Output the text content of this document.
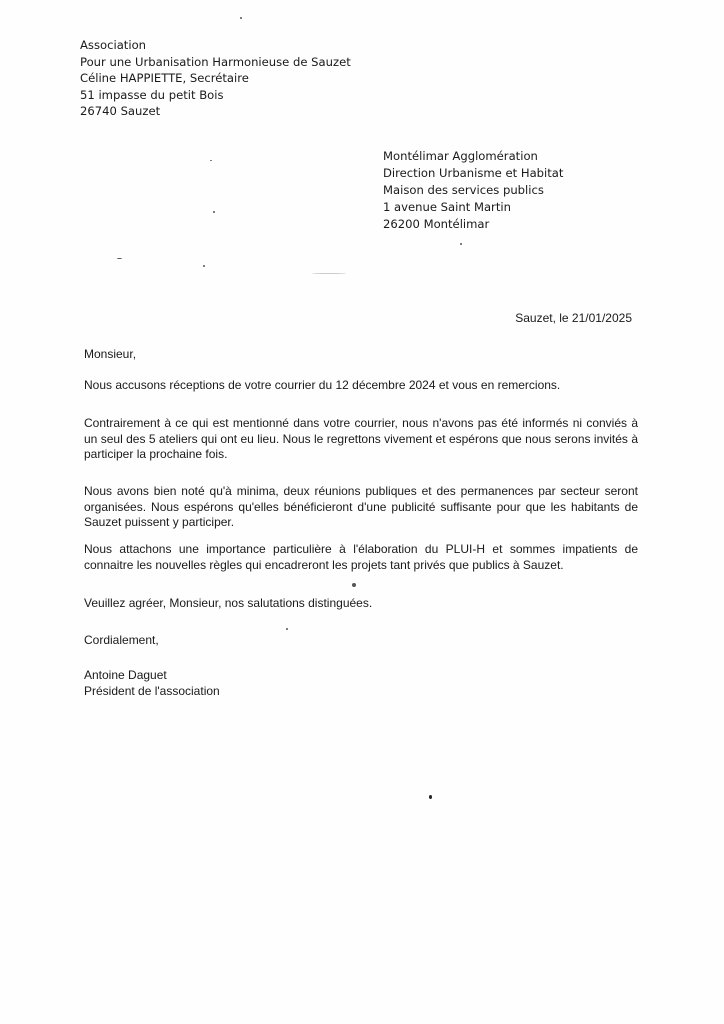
Association
Pour une Urbanisation Harmonieuse de Sauzet
Céline HAPPIETTE, Secrétaire
51 impasse du petit Bois
26740 Sauzet
Montélimar Agglomération
Direction Urbanisme et Habitat
Maison des services publics
1 avenue Saint Martin
26200 Montélimar
Sauzet, le 21/01/2025
Monsieur,

Nous accusons réceptions de votre courrier du 12 décembre 2024 et vous en remercions.

Contrairement à ce qui est mentionné dans votre courrier, nous n'avons pas été informés ni conviés à un seul des 5 ateliers qui ont eu lieu. Nous le regrettons vivement et espérons que nous serons invités à participer la prochaine fois.

Nous avons bien noté qu'à minima, deux réunions publiques et des permanences par secteur seront organisées. Nous espérons qu'elles bénéficieront d'une publicité suffisante pour que les habitants de Sauzet puissent y participer.

Nous attachons une importance particulière à l'élaboration du PLUI-H et sommes impatients de connaitre les nouvelles règles qui encadreront les projets tant privés que publics à Sauzet.

Veuillez agréer, Monsieur, nos salutations distinguées.

Cordialement,

Antoine Daguet
Président de l'association
